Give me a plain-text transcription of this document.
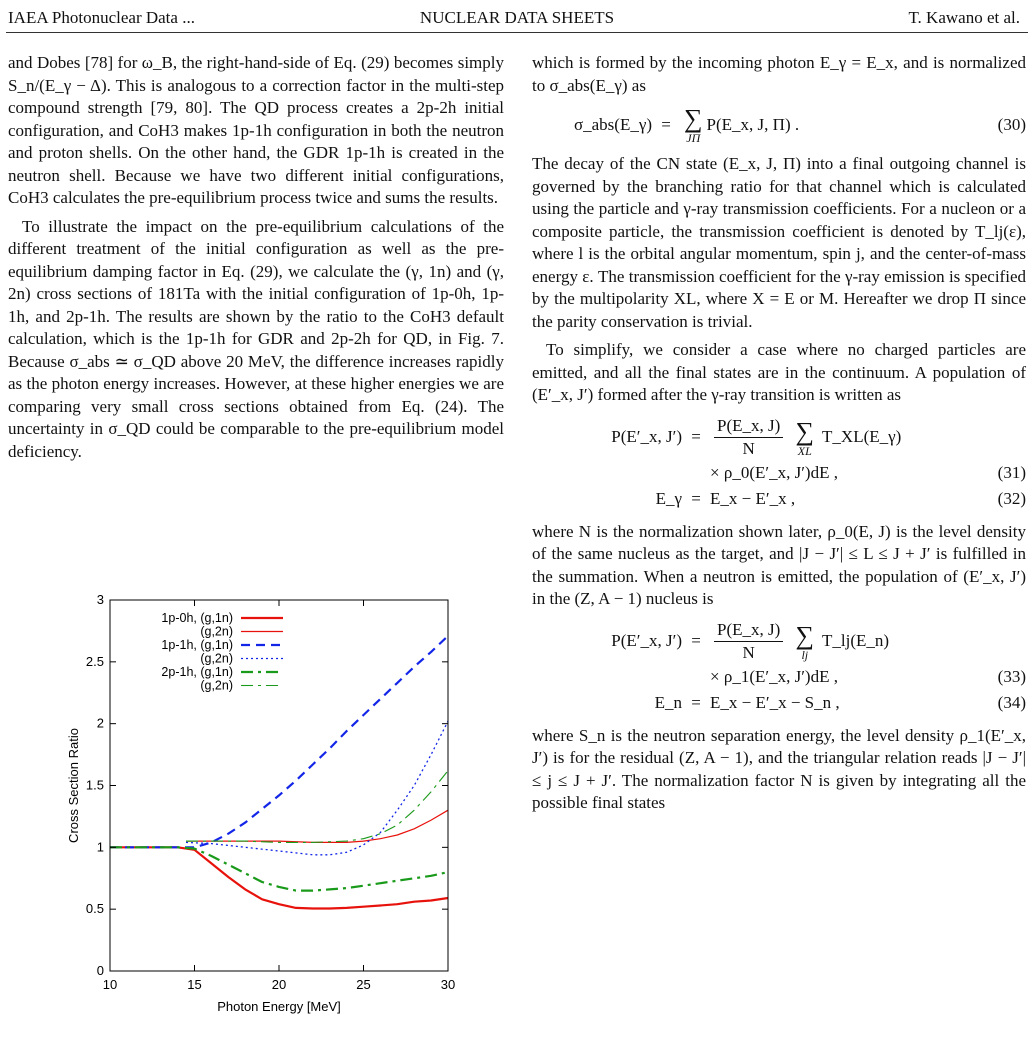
IAEA Photonuclear Data ...	NUCLEAR DATA SHEETS	T. Kawano et al.

and Dobes [78] for ω_B, the right-hand-side of Eq. (29) becomes simply S_n/(E_γ − Δ). This is analogous to a correction factor in the multi-step compound strength [79, 80]. The QD process creates a 2p-2h initial configuration, and CoH3 makes 1p-1h configuration in both the neutron and proton shells. On the other hand, the GDR 1p-1h is created in the neutron shell. Because we have two different initial configurations, CoH3 calculates the pre-equilibrium process twice and sums the results.

To illustrate the impact on the pre-equilibrium calculations of the different treatment of the initial configuration as well as the pre-equilibrium damping factor in Eq. (29), we calculate the (γ, 1n) and (γ, 2n) cross sections of 181Ta with the initial configuration of 1p-0h, 1p-1h, and 2p-1h. The results are shown by the ratio to the CoH3 default calculation, which is the 1p-1h for GDR and 2p-2h for QD, in Fig. 7. Because σ_abs ≃ σ_QD above 20 MeV, the difference increases rapidly as the photon energy increases. However, at these higher energies we are comparing very small cross sections obtained from Eq. (24). The uncertainty in σ_QD could be comparable to the pre-equilibrium model deficiency.

10	15	20	25	30
0
0.5
1
1.5
2
2.5
3
Photon Energy [MeV]
Cross Section Ratio
1p-0h, (g,1n)
(g,2n)
1p-1h, (g,1n)
(g,2n)
2p-1h, (g,1n)
(g,2n)

which is formed by the incoming photon E_γ = E_x, and is normalized to σ_abs(E_γ) as

σ_abs(E_γ) = ∑
JΠ
P(E_x, J, Π) .	(30)

The decay of the CN state (E_x, J, Π) into a final outgoing channel is governed by the branching ratio for that channel which is calculated using the particle and γ-ray transmission coefficients. For a nucleon or a composite particle, the transmission coefficient is denoted by T_lj(ε), where l is the orbital angular momentum, spin j, and the center-of-mass energy ε. The transmission coefficient for the γ-ray emission is specified by the multipolarity XL, where X = E or M. Hereafter we drop Π since the parity conservation is trivial.

To simplify, we consider a case where no charged particles are emitted, and all the final states are in the continuum. A population of (E′_x, J′) formed after the γ-ray transition is written as

P(E′_x, $J') = \frac{P(E\_x, J)}{N}$
∑
XL
T_XL(E_γ)
× ρ_0(E′_x, J′)dE ,	(31)
E_γ = E_x − E′_x ,	(32)

where N is the normalization shown later, ρ_0(E, J) is the level density of the same nucleus as the target, and |J − J′| ≤ L ≤ J + J′ is fulfilled in the summation. When a neutron is emitted, the population of (E′_x, J′) in the (Z, A − 1) nucleus is

P(E′_x, $J') = \frac{P(E\_x, J)}{N}$
∑
lj
T_lj(E_n)
× ρ_1(E′_x, J′)dE ,	(33)
E_n = E_x − E′_x − S_n ,	(34)

where S_n is the neutron separation energy, the level density ρ_1(E′_x, J′) is for the residual (Z, A − 1), and the triangular relation reads |J − J′| ≤ j ≤ J + J′. The normalization factor N is given by integrating all the possible final states
